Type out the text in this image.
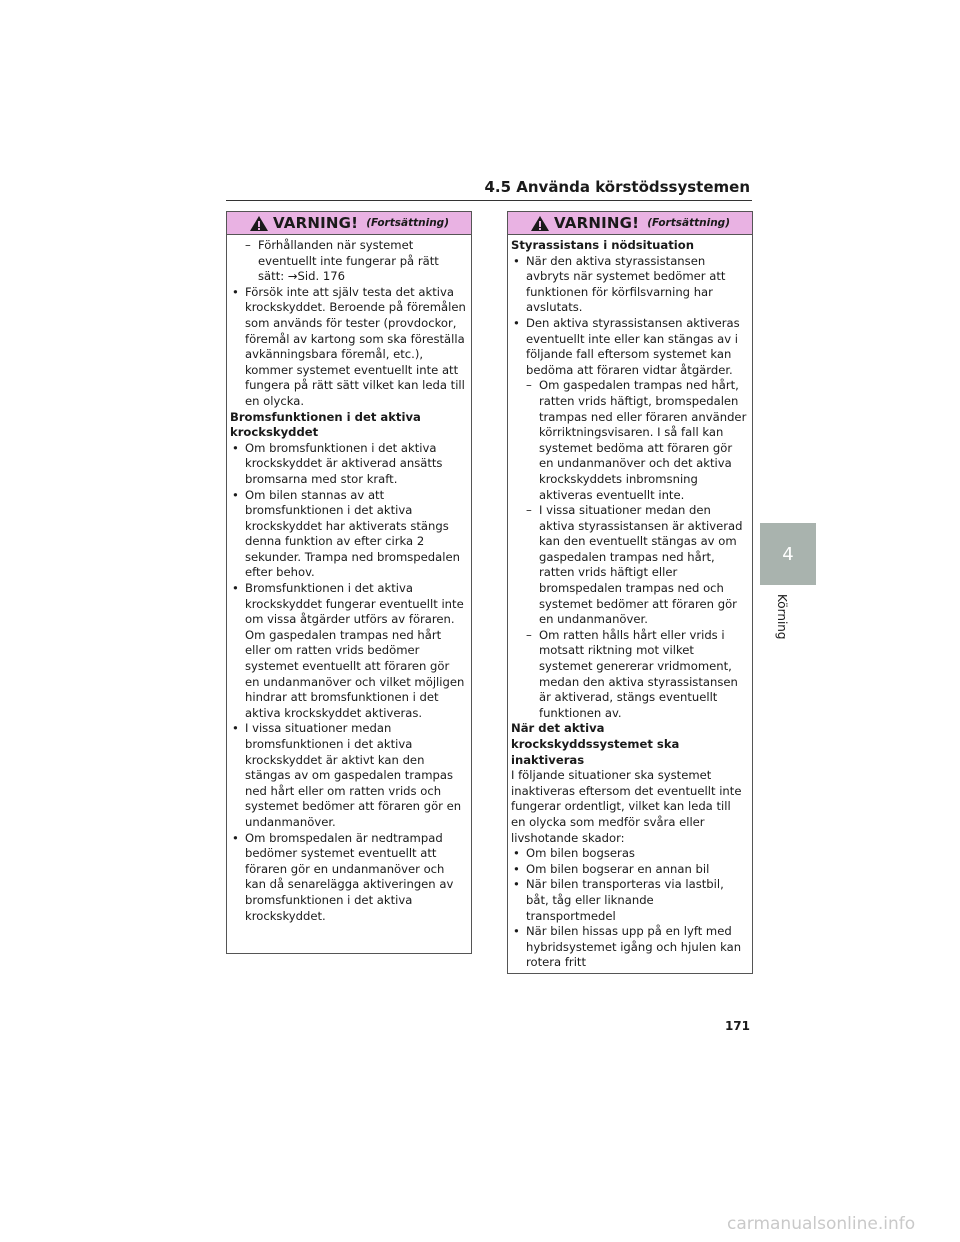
4.5 Använda körstödssystemen
VARNING! (Fortsättning)

– Förhållanden när systemet eventuellt inte fungerar på rätt sätt: →Sid. 176

• Försök inte att själv testa det aktiva krockskyddet. Beroende på föremålen som används för tester (provdockor, föremål av kartong som ska föreställa avkänningsbara föremål, etc.), kommer systemet eventuellt inte att fungera på rätt sätt vilket kan leda till en olycka.

Bromsfunktionen i det aktiva krockskyddet

• Om bromsfunktionen i det aktiva krockskyddet är aktiverad ansätts bromsarna med stor kraft.

• Om bilen stannas av att bromsfunktionen i det aktiva krockskyddet har aktiverats stängs denna funktion av efter cirka 2 sekunder. Trampa ned bromspedalen efter behov.

• Bromsfunktionen i det aktiva krockskyddet fungerar eventuellt inte om vissa åtgärder utförs av föraren. Om gaspedalen trampas ned hårt eller om ratten vrids bedömer systemet eventuellt att föraren gör en undanmanöver och vilket möjligen hindrar att bromsfunktionen i det aktiva krockskyddet aktiveras.

• I vissa situationer medan bromsfunktionen i det aktiva krockskyddet är aktivt kan den stängas av om gaspedalen trampas ned hårt eller om ratten vrids och systemet bedömer att föraren gör en undanmanöver.

• Om bromspedalen är nedtrampad bedömer systemet eventuellt att föraren gör en undanmanöver och kan då senarelägga aktiveringen av bromsfunktionen i det aktiva krockskyddet.

VARNING! (Fortsättning)

Styrassistans i nödsituation

• När den aktiva styrassistansen avbryts när systemet bedömer att funktionen för körfilsvarning har avslutats.

• Den aktiva styrassistansen aktiveras eventuellt inte eller kan stängas av i följande fall eftersom systemet kan bedöma att föraren vidtar åtgärder.

– Om gaspedalen trampas ned hårt, ratten vrids häftigt, bromspedalen trampas ned eller föraren använder körriktningsvisaren. I så fall kan systemet bedöma att föraren gör en undanmanöver och det aktiva krockskyddets inbromsning aktiveras eventuellt inte.

– I vissa situationer medan den aktiva styrassistansen är aktiverad kan den eventuellt stängas av om gaspedalen trampas ned hårt, ratten vrids häftigt eller bromspedalen trampas ned och systemet bedömer att föraren gör en undanmanöver.

– Om ratten hålls hårt eller vrids i motsatt riktning mot vilket systemet genererar vridmoment, medan den aktiva styrassistansen är aktiverad, stängs eventuellt funktionen av.

När det aktiva krockskyddssystemet ska inaktiveras

I följande situationer ska systemet inaktiveras eftersom det eventuellt inte fungerar ordentligt, vilket kan leda till en olycka som medför svåra eller livshotande skador:

• Om bilen bogseras

• Om bilen bogserar en annan bil

• När bilen transporteras via lastbil, båt, tåg eller liknande transportmedel

• När bilen hissas upp på en lyft med hybridsystemet igång och hjulen kan rotera fritt

4
Körning
171
carmanualsonline.info
